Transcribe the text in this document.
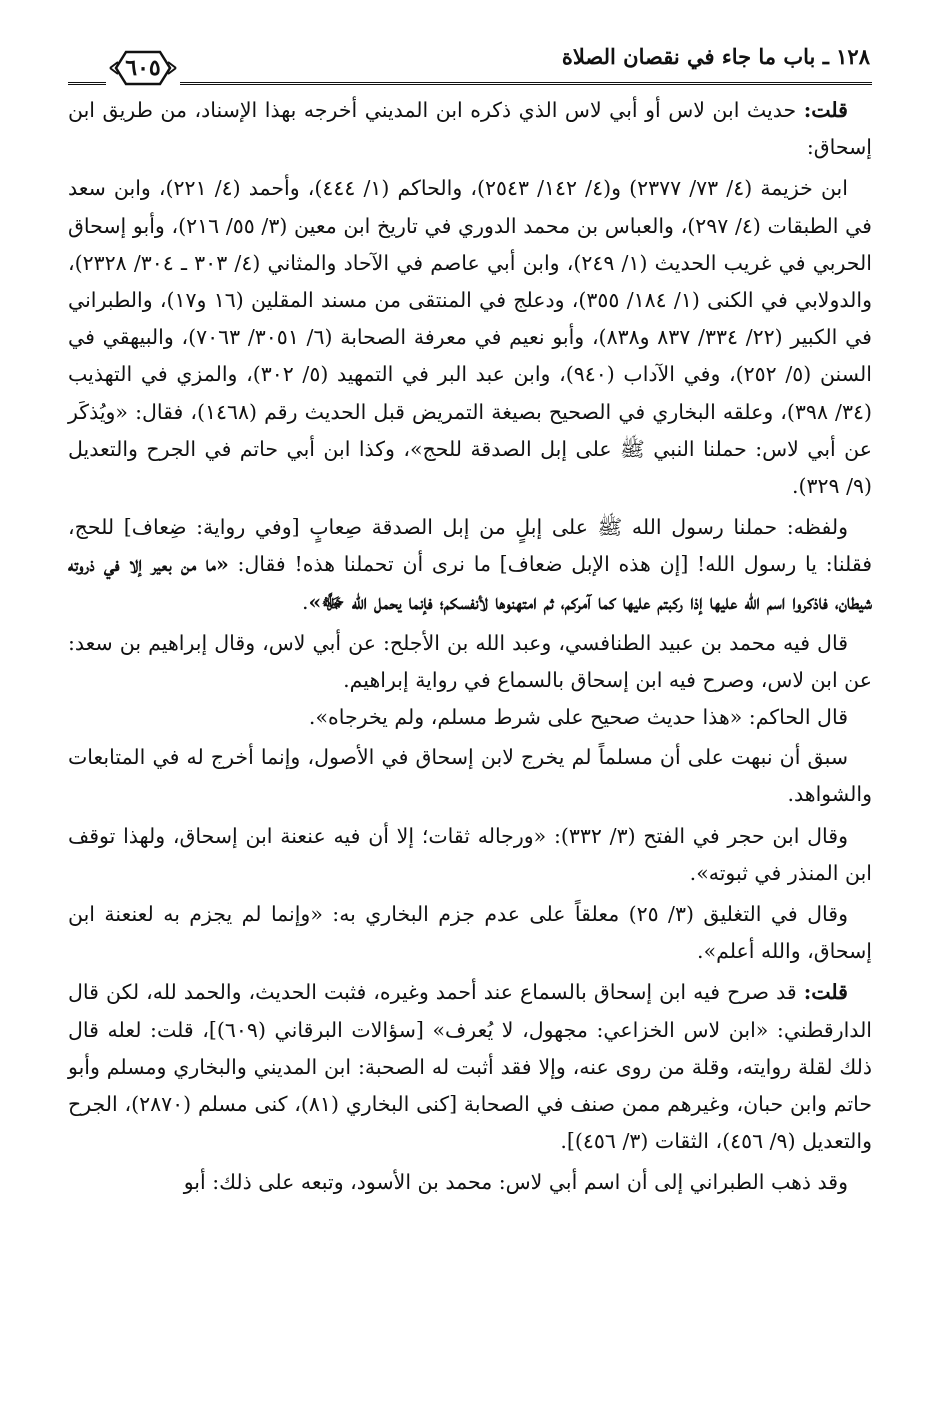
١٢٨ ـ باب ما جاء في نقصان الصلاة
٦٠٥

قلت: حديث ابن لاس أو أبي لاس الذي ذكره ابن المديني أخرجه بهذا الإسناد، من طريق ابن إسحاق:

ابن خزيمة (٤/ ٧٣/ ٢٣٧٧) و(٤/ ١٤٢/ ٢٥٤٣)، والحاكم (١/ ٤٤٤)، وأحمد (٤/ ٢٢١)، وابن سعد في الطبقات (٤/ ٢٩٧)، والعباس بن محمد الدوري في تاريخ ابن معين (٣/ ٥٥/ ٢١٦)، وأبو إسحاق الحربي في غريب الحديث (١/ ٢٤٩)، وابن أبي عاصم في الآحاد والمثاني (٤/ ٣٠٣ ـ ٣٠٤/ ٢٣٢٨)، والدولابي في الكنى (١/ ١٨٤/ ٣٥٥)، ودعلج في المنتقى من مسند المقلين (١٦ و١٧)، والطبراني في الكبير (٢٢/ ٣٣٤/ ٨٣٧ و٨٣٨)، وأبو نعيم في معرفة الصحابة (٦/ ٣٠٥١/ ٧٠٦٣)، والبيهقي في السنن (٥/ ٢٥٢)، وفي الآداب (٩٤٠)، وابن عبد البر في التمهيد (٥/ ٣٠٢)، والمزي في التهذيب (٣٤/ ٣٩٨)، وعلقه البخاري في الصحيح بصيغة التمريض قبل الحديث رقم (١٤٦٨)، فقال: «ويُذكَر عن أبي لاس: حملنا النبي ﷺ على إبل الصدقة للحج»، وكذا ابن أبي حاتم في الجرح والتعديل (٩/ ٣٢٩).

ولفظه: حملنا رسول الله ﷺ على إبلٍ من إبل الصدقة صِعابٍ [وفي رواية: ضِعاف] للحج، فقلنا: يا رسول الله! [إن هذه الإبل ضعاف] ما نرى أن تحملنا هذه! فقال: «ما من بعير إلا في ذروته شيطان، فاذكروا اسم الله عليها إذا ركبتم عليها كما آمركم، ثم امتهنوها لأنفسكم؛ فإنما يحمل الله ﷻ».

قال فيه محمد بن عبيد الطنافسي، وعبد الله بن الأجلح: عن أبي لاس، وقال إبراهيم بن سعد: عن ابن لاس، وصرح فيه ابن إسحاق بالسماع في رواية إبراهيم.

قال الحاكم: «هذا حديث صحيح على شرط مسلم، ولم يخرجاه».

سبق أن نبهت على أن مسلماً لم يخرج لابن إسحاق في الأصول، وإنما أخرج له في المتابعات والشواهد.

وقال ابن حجر في الفتح (٣/ ٣٣٢): «ورجاله ثقات؛ إلا أن فيه عنعنة ابن إسحاق، ولهذا توقف ابن المنذر في ثبوته».

وقال في التغليق (٣/ ٢٥) معلقاً على عدم جزم البخاري به: «وإنما لم يجزم به لعنعنة ابن إسحاق، والله أعلم».

قلت: قد صرح فيه ابن إسحاق بالسماع عند أحمد وغيره، فثبت الحديث، والحمد لله، لكن قال الدارقطني: «ابن لاس الخزاعي: مجهول، لا يُعرف» [سؤالات البرقاني (٦٠٩)]، قلت: لعله قال ذلك لقلة روايته، وقلة من روى عنه، وإلا فقد أثبت له الصحبة: ابن المديني والبخاري ومسلم وأبو حاتم وابن حبان، وغيرهم ممن صنف في الصحابة [كنى البخاري (٨١)، كنى مسلم (٢٨٧٠)، الجرح والتعديل (٩/ ٤٥٦)، الثقات (٣/ ٤٥٦)].

وقد ذهب الطبراني إلى أن اسم أبي لاس: محمد بن الأسود، وتبعه على ذلك: أبو
